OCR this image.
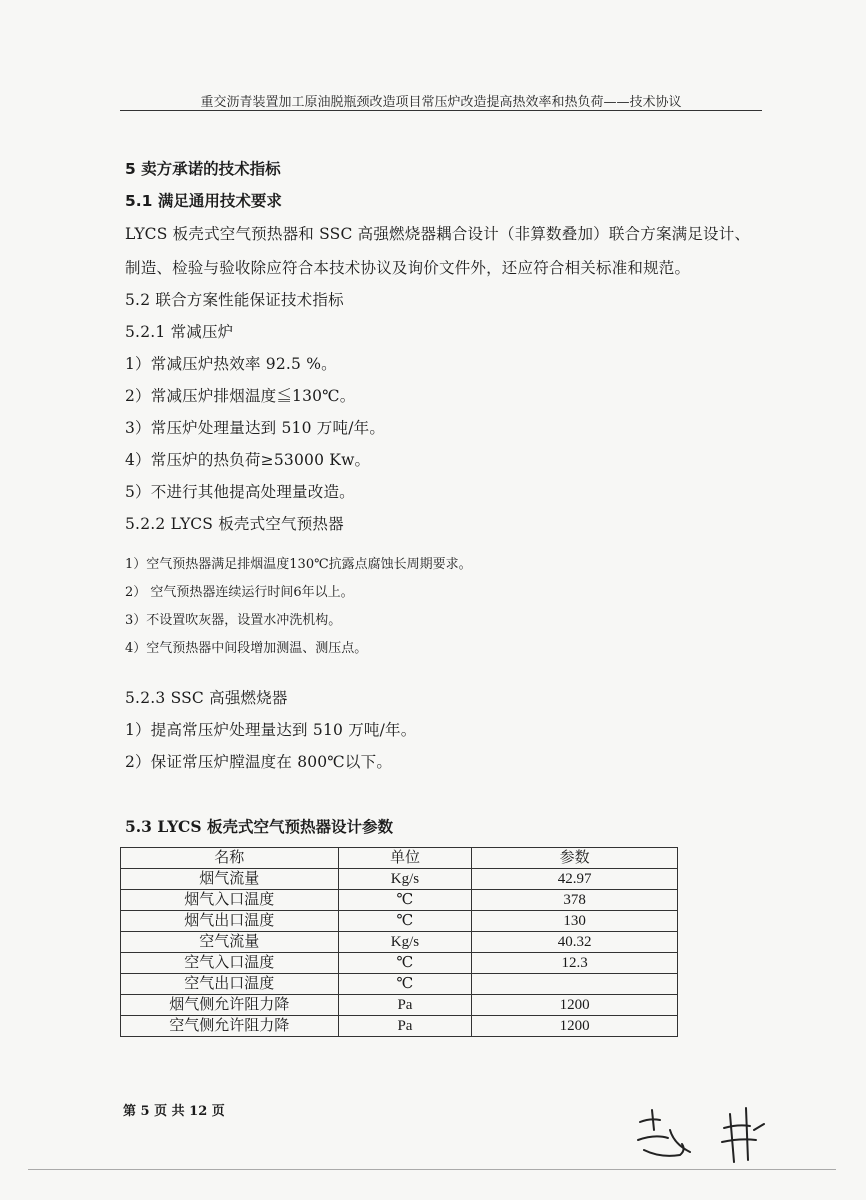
重交沥青装置加工原油脱瓶颈改造项目常压炉改造提高热效率和热负荷——技术协议
5 卖方承诺的技术指标
5.1 满足通用技术要求
LYCS 板壳式空气预热器和 SSC 高强燃烧器耦合设计（非算数叠加）联合方案满足设计、
制造、检验与验收除应符合本技术协议及询价文件外，还应符合相关标准和规范。
5.2 联合方案性能保证技术指标
5.2.1 常减压炉
1）常减压炉热效率 92.5 %。
2）常减压炉排烟温度≦130℃。
3）常压炉处理量达到 510 万吨/年。
4）常压炉的热负荷≥53000 Kw。
5）不进行其他提高处理量改造。
5.2.2 LYCS 板壳式空气预热器
1）空气预热器满足排烟温度130℃抗露点腐蚀长周期要求。
2） 空气预热器连续运行时间6年以上。
3）不设置吹灰器，设置水冲洗机构。
4）空气预热器中间段增加测温、测压点。
5.2.3 SSC 高强燃烧器
1）提高常压炉处理量达到 510 万吨/年。
2）保证常压炉膛温度在 800℃以下。
5.3 LYCS 板壳式空气预热器设计参数
名称	单位	参数
烟气流量	Kg/s	42.97
烟气入口温度	℃	378
烟气出口温度	℃	130
空气流量	Kg/s	40.32
空气入口温度	℃	12.3
空气出口温度	℃	
烟气侧允许阻力降	Pa	1200
空气侧允许阻力降	Pa	1200
第 5 页 共 12 页
